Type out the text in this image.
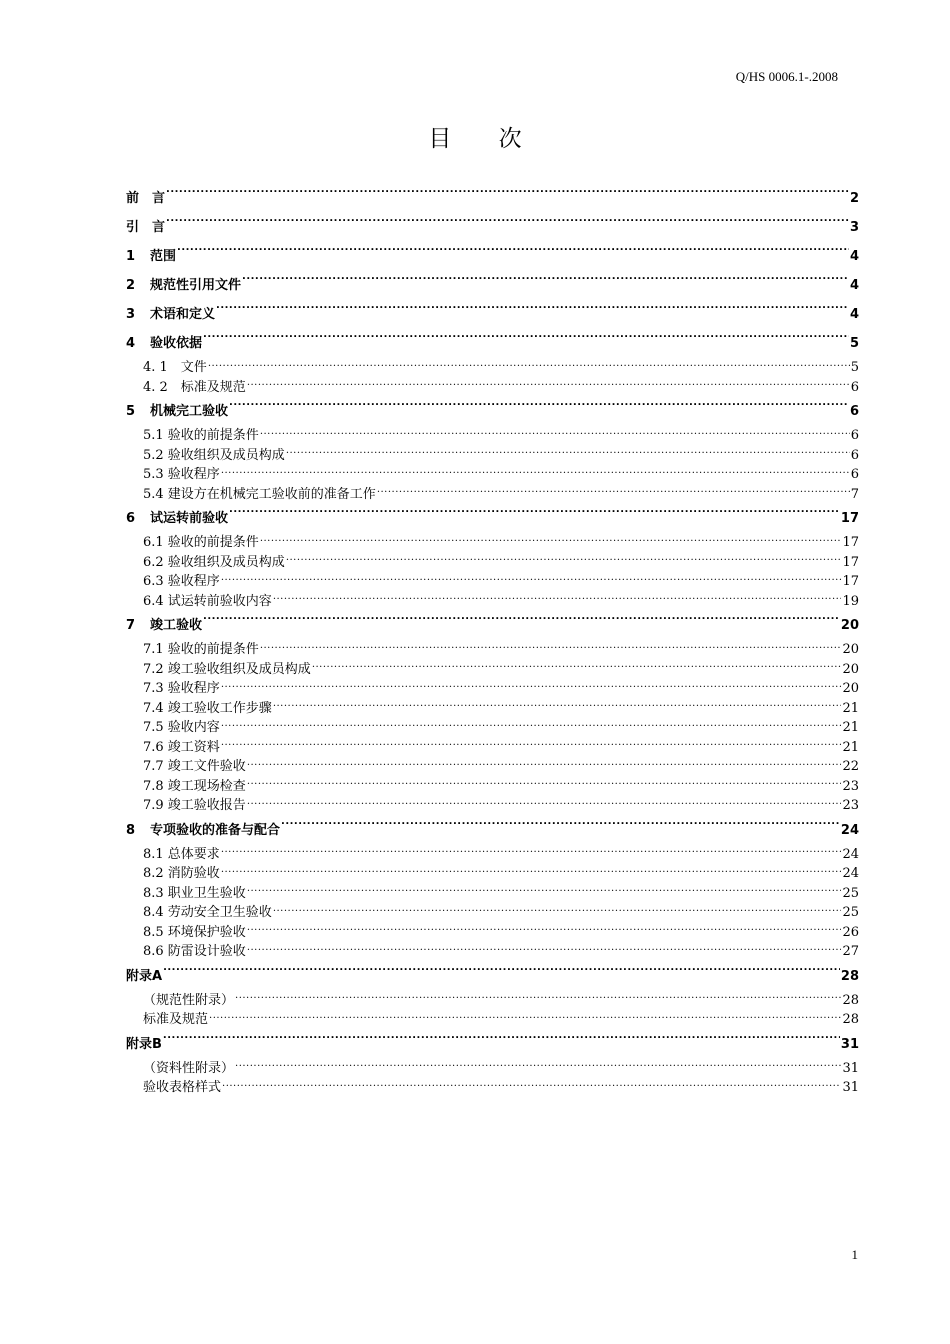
Q/HS 0006.1-.2008
目 次
前　言 .....	2
引　言 .....	3
1 范围 .....	4
2 规范性引用文件 .....	4
3 术语和定义 .....	4
4 验收依据 .....	5
4. 1　文件 .....	5
4. 2　标准及规范 .....	6
5 机械完工验收 .....	6
5.1 验收的前提条件 .....	6
5.2 验收组织及成员构成 .....	6
5.3 验收程序 .....	6
5.4 建设方在机械完工验收前的准备工作 .....	7
6 试运转前验收 .....	17
6.1 验收的前提条件 .....	17
6.2 验收组织及成员构成 .....	17
6.3 验收程序 .....	17
6.4 试运转前验收内容 .....	19
7 竣工验收 .....	20
7.1 验收的前提条件 .....	20
7.2 竣工验收组织及成员构成 .....	20
7.3 验收程序 .....	20
7.4 竣工验收工作步骤 .....	21
7.5 验收内容 .....	21
7.6 竣工资料 .....	21
7.7 竣工文件验收 .....	22
7.8 竣工现场检查 .....	23
7.9 竣工验收报告 .....	23
8 专项验收的准备与配合 .....	24
8.1 总体要求 .....	24
8.2 消防验收 .....	24
8.3 职业卫生验收 .....	25
8.4 劳动安全卫生验收 .....	25
8.5 环境保护验收 .....	26
8.6 防雷设计验收 .....	27
附录A .....	28
（规范性附录） .....	28
标准及规范 .....	28
附录B .....	31
（资料性附录） .....	31
验收表格样式 .....	31
1
